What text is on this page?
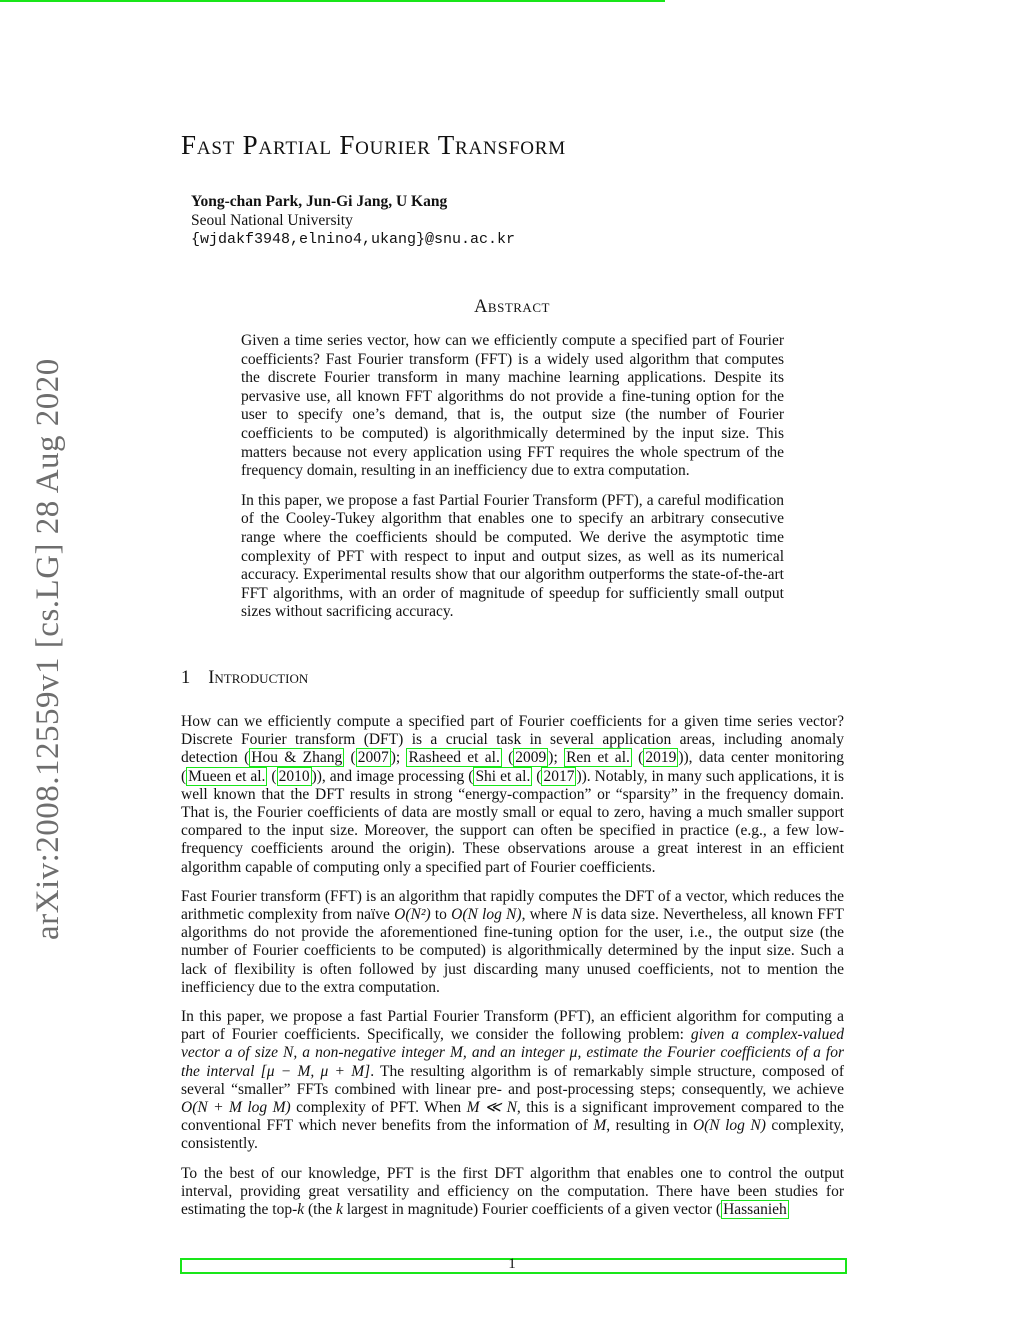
arXiv:2008.12559v1 [cs.LG] 28 Aug 2020
Fast Partial Fourier Transform
Yong-chan Park, Jun-Gi Jang, U Kang
Seoul National University
{wjdakf3948,elnino4,ukang}@snu.ac.kr
Abstract

Given a time series vector, how can we efficiently compute a specified part of Fourier coefficients? Fast Fourier transform (FFT) is a widely used algorithm that computes the discrete Fourier transform in many machine learning applications. Despite its pervasive use, all known FFT algorithms do not provide a fine-tuning option for the user to specify one’s demand, that is, the output size (the number of Fourier coefficients to be computed) is algorithmically determined by the input size. This matters because not every application using FFT requires the whole spectrum of the frequency domain, resulting in an inefficiency due to extra computation.

In this paper, we propose a fast Partial Fourier Transform (PFT), a careful modification of the Cooley-Tukey algorithm that enables one to specify an arbitrary consecutive range where the coefficients should be computed. We derive the asymptotic time complexity of PFT with respect to input and output sizes, as well as its numerical accuracy. Experimental results show that our algorithm outperforms the state-of-the-art FFT algorithms, with an order of magnitude of speedup for sufficiently small output sizes without sacrificing accuracy.

1 Introduction

How can we efficiently compute a specified part of Fourier coefficients for a given time series vector? Discrete Fourier transform (DFT) is a crucial task in several application areas, including anomaly detection ( Hou & Zhang ( 2007 ); Rasheed et al. ( 2009 ); Ren et al. ( 2019 )), data center monitoring ( Mueen et al. ( 2010 )), and image processing ( Shi et al. ( 2017 )). Notably, in many such applications, it is well known that the DFT results in strong “energy-compaction” or “sparsity” in the frequency domain. That is, the Fourier coefficients of data are mostly small or equal to zero, having a much smaller support compared to the input size. Moreover, the support can often be specified in practice (e.g., a few low-frequency coefficients around the origin). These observations arouse a great interest in an efficient algorithm capable of computing only a specified part of Fourier coefficients.

Fast Fourier transform (FFT) is an algorithm that rapidly computes the DFT of a vector, which reduces the arithmetic complexity from naïve O(N²) to O(N log N), where N is data size. Nevertheless, all known FFT algorithms do not provide the aforementioned fine-tuning option for the user, i.e., the output size (the number of Fourier coefficients to be computed) is algorithmically determined by the input size. Such a lack of flexibility is often followed by just discarding many unused coefficients, not to mention the inefficiency due to the extra computation.

In this paper, we propose a fast Partial Fourier Transform (PFT), an efficient algorithm for computing a part of Fourier coefficients. Specifically, we consider the following problem: given a complex-valued vector a of size N, a non-negative integer M, and an integer μ, estimate the Fourier coefficients of a for the interval [μ − M, μ + M]. The resulting algorithm is of remarkably simple structure, composed of several “smaller” FFTs combined with linear pre- and post-processing steps; consequently, we achieve O(N + M log M) complexity of PFT. When M ≪ N, this is a significant improvement compared to the conventional FFT which never benefits from the information of M, resulting in O(N log N) complexity, consistently.

To the best of our knowledge, PFT is the first DFT algorithm that enables one to control the output interval, providing great versatility and efficiency on the computation. There have been studies for estimating the top-k (the k largest in magnitude) Fourier coefficients of a given vector ( Hassanieh

1
